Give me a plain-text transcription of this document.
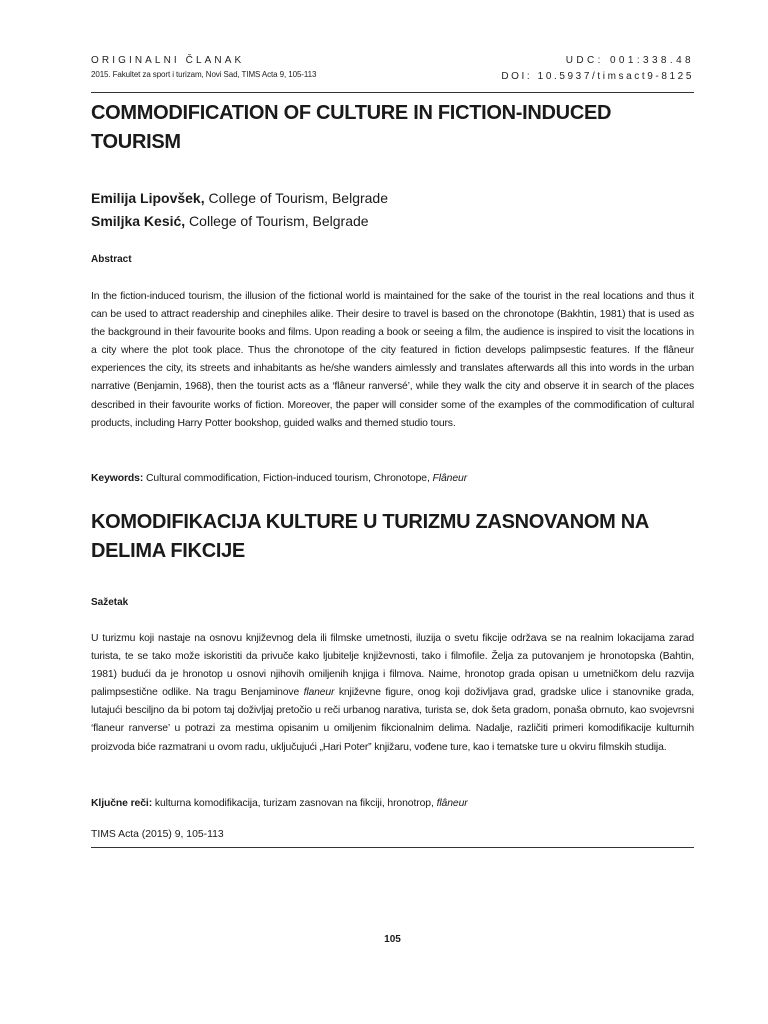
ORIGINALNI ČLANAK
2015. Fakultet za sport i turizam, Novi Sad, TIMS Acta 9, 105-113
UDC: 001:338.48
DOI: 10.5937/timsact9-8125
COMMODIFICATION OF CULTURE IN FICTION-INDUCED TOURISM
Emilija Lipovšek, College of Tourism, Belgrade
Smiljka Kesić, College of Tourism, Belgrade
Abstract

In the fiction-induced tourism, the illusion of the fictional world is maintained for the sake of the tourist in the real locations and thus it can be used to attract readership and cinephiles alike. Their desire to travel is based on the chronotope (Bakhtin, 1981) that is used as the background in their favourite books and films. Upon reading a book or seeing a film, the audience is inspired to visit the locations in a city where the plot took place. Thus the chronotope of the city featured in fiction develops palimpsestic features. If the flâneur experiences the city, its streets and inhabitants as he/she wanders aimlessly and translates afterwards all this into words in the urban narrative (Benjamin, 1968), then the tourist acts as a ‘flâneur ranversé’, while they walk the city and observe it in search of the places described in their favourite works of fiction. Moreover, the paper will consider some of the examples of the commodification of cultural products, including Harry Potter bookshop, guided walks and themed studio tours.

Keywords: Cultural commodification, Fiction-induced tourism, Chronotope, Flâneur
KOMODIFIKACIJA KULTURE U TURIZMU ZASNOVANOM NA DELIMA FIKCIJE
Sažetak

U turizmu koji nastaje na osnovu književnog dela ili filmske umetnosti, iluzija o svetu fikcije održava se na realnim lokacijama zarad turista, te se tako može iskoristiti da privuče kako ljubitelje književnosti, tako i filmofile. Želja za putovanjem je hronotopska (Bahtin, 1981) budući da je hronotop u osnovi njihovih omiljenih knjiga i filmova. Naime, hronotop grada opisan u umetničkom delu razvija palimpsestične odlike. Na tragu Benjaminove flaneur književne figure, onog koji doživljava grad, gradske ulice i stanovnike grada, lutajući besciljno da bi potom taj doživljaj pretočio u reči urbanog narativa, turista se, dok šeta gradom, ponaša obrnuto, kao svojevrsni ‘flaneur ranverse’ u potrazi za mestima opisanim u omiljenim fikcionalnim delima. Nadalje, različiti primeri komodifikacije kulturnih proizvoda biće razmatrani u ovom radu, uključujući „Hari Poter” knjižaru, vođene ture, kao i tematske ture u okviru filmskih studija.

Ključne reči: kulturna komodifikacija, turizam zasnovan na fikciji, hronotrop, flâneur
TIMS Acta (2015) 9, 105-113
105
